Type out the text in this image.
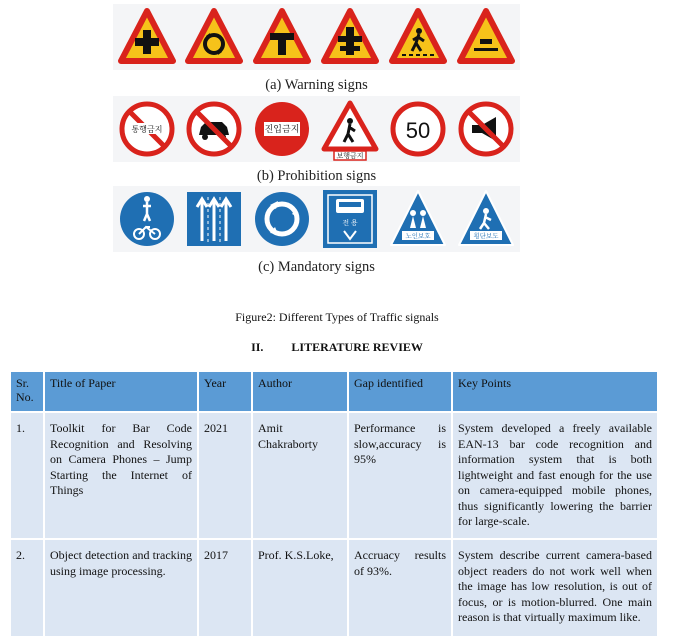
(a) Warning signs
통행금지	진입금지
보행금지
50
(b) Prohibition signs
전 용
노인보호	횡단보도
(c) Mandatory signs
Figure2: Different Types of Traffic signals
II. LITERATURE REVIEW
Sr. No.	Title of Paper	Year	Author	Gap identified	Key Points
1.	Toolkit for Bar Code Recognition and Resolving on Camera Phones – Jump Starting the Internet of Things	2021	Amit Chakraborty	Performance is slow,accuracy is 95%	System developed a freely available EAN-13 bar code recognition and information system that is both lightweight and fast enough for the use on camera-equipped mobile phones, thus significantly lowering the barrier for large-scale.
2.	Object detection and tracking using image processing.	2017	Prof. K.S.Loke,	Accruacy results of 93%.	System describe current camera-based object readers do not work well when the image has low resolution, is out of focus, or is motion-blurred. One main reason is that virtually maximum like.
